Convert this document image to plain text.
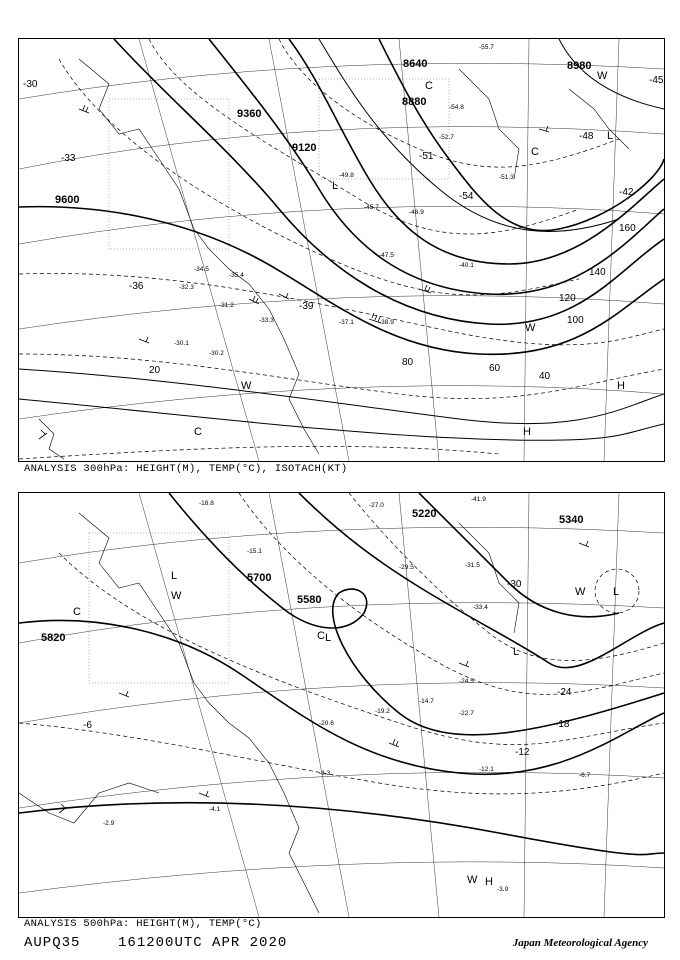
9600
9360
9120
8880
8640	8980
20
40
60
80
100
120
140
160
-30
-33
-36
-39
-42
-45
-48
-51
-54
L
L
C
C
C
W
W
W
H
H
-38.9
-32.3
-35.4
-31.2
-37.1
-33.3
-34.5
-45.7
-47.5
-51.3
-52.7
-49.8
-40.1
-48.9
-54.8
-55.7
-30.2
-30.1
ANALYSIS 300hPa: HEIGHT(M), TEMP(°C), ISOTACH(KT)
5820
5700
5580
5340
5220
-6
-12
-18
-24
-30
L
L
L
L
W	W
C
C
H
W
-22.7
-24.5
-29.5	-31.5
-33.4
-41.9
-12.1
-8.3	-6.7
-3.9
-4.1
-2.9
-15.1
-18.8
-19.2
-20.6
-27.0
-14.7
ANALYSIS 500hPa: HEIGHT(M), TEMP(°C)
AUPQ35	161200UTC APR 2020	Japan Meteorological Agency
